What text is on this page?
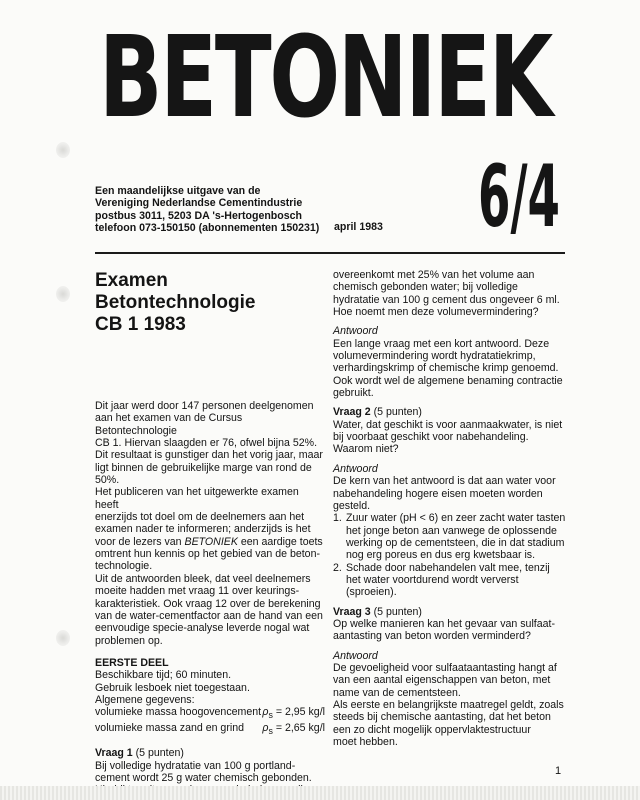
BETONIEK
6/4
Een maandelijkse uitgave van de
Vereniging Nederlandse Cementindustrie
postbus 3011, 5203 DA 's-Hertogenbosch
telefoon 073-150150 (abonnementen 150231) april 1983
Examen Betontechnologie
CB 1 1983
Dit jaar werd door 147 personen deelgenomen
aan het examen van de Cursus Betontechnologie
CB 1. Hiervan slaagden er 76, ofwel bijna 52%.
Dit resultaat is gunstiger dan het vorig jaar, maar
ligt binnen de gebruikelijke marge van rond de
50%.
Het publiceren van het uitgewerkte examen heeft
enerzijds tot doel om de deelnemers aan het
examen nader te informeren; anderzijds is het
voor de lezers van BETONIEK een aardige toets
omtrent hun kennis op het gebied van de beton-
technologie.
Uit de antwoorden bleek, dat veel deelnemers
moeite hadden met vraag 11 over keurings-
karakteristiek. Ook vraag 12 over de berekening
van de water-cementfactor aan de hand van een
eenvoudige specie-analyse leverde nogal wat
problemen op.
EERSTE DEEL
Beschikbare tijd; 60 minuten.
Gebruik lesboek niet toegestaan.
Algemene gegevens:
volumieke massa hoogovencement $\rho_s = 2,95$ kg/l
volumieke massa zand en grind $\rho_s = 2,65$ kg/l
Vraag 1 (5 punten)
Bij volledige hydratatie van 100 g portland-
cement wordt 25 g water chemisch gebonden.
overeenkomt met 25% van het volume aan
chemisch gebonden water; bij volledige
hydratatie van 100 g cement dus ongeveer 6 ml.
Hoe noemt men deze volumevermindering?
Antwoord
Een lange vraag met een kort antwoord. Deze
volumevermindering wordt hydratatiekrimp,
verhardingskrimp of chemische krimp genoemd.
Ook wordt wel de algemene benaming contractie
gebruikt.
Vraag 2 (5 punten)
Water, dat geschikt is voor aanmaakwater, is niet
bij voorbaat geschikt voor nabehandeling.
Waarom niet?
Antwoord
De kern van het antwoord is dat aan water voor
nabehandeling hogere eisen moeten worden
gesteld.
1. Zuur water (pH < 6) en zeer zacht water tasten
het jonge beton aan vanwege de oplossende
werking op de cementsteen, die in dat stadium
nog erg poreus en dus erg kwetsbaar is.
2. Schade door nabehandelen valt mee, tenzij
het water voortdurend wordt ververst
(sproeien).
Vraag 3 (5 punten)
Op welke manieren kan het gevaar van sulfaat-
aantasting van beton worden verminderd?
Antwoord
De gevoeligheid voor sulfaataantasting hangt af
van een aantal eigenschappen van beton, met
name van de cementsteen.
Als eerste en belangrijkste maatregel geldt, zoals
steeds bij chemische aantasting, dat het beton
een zo dicht mogelijk oppervlaktestructuur
moet hebben.
1
